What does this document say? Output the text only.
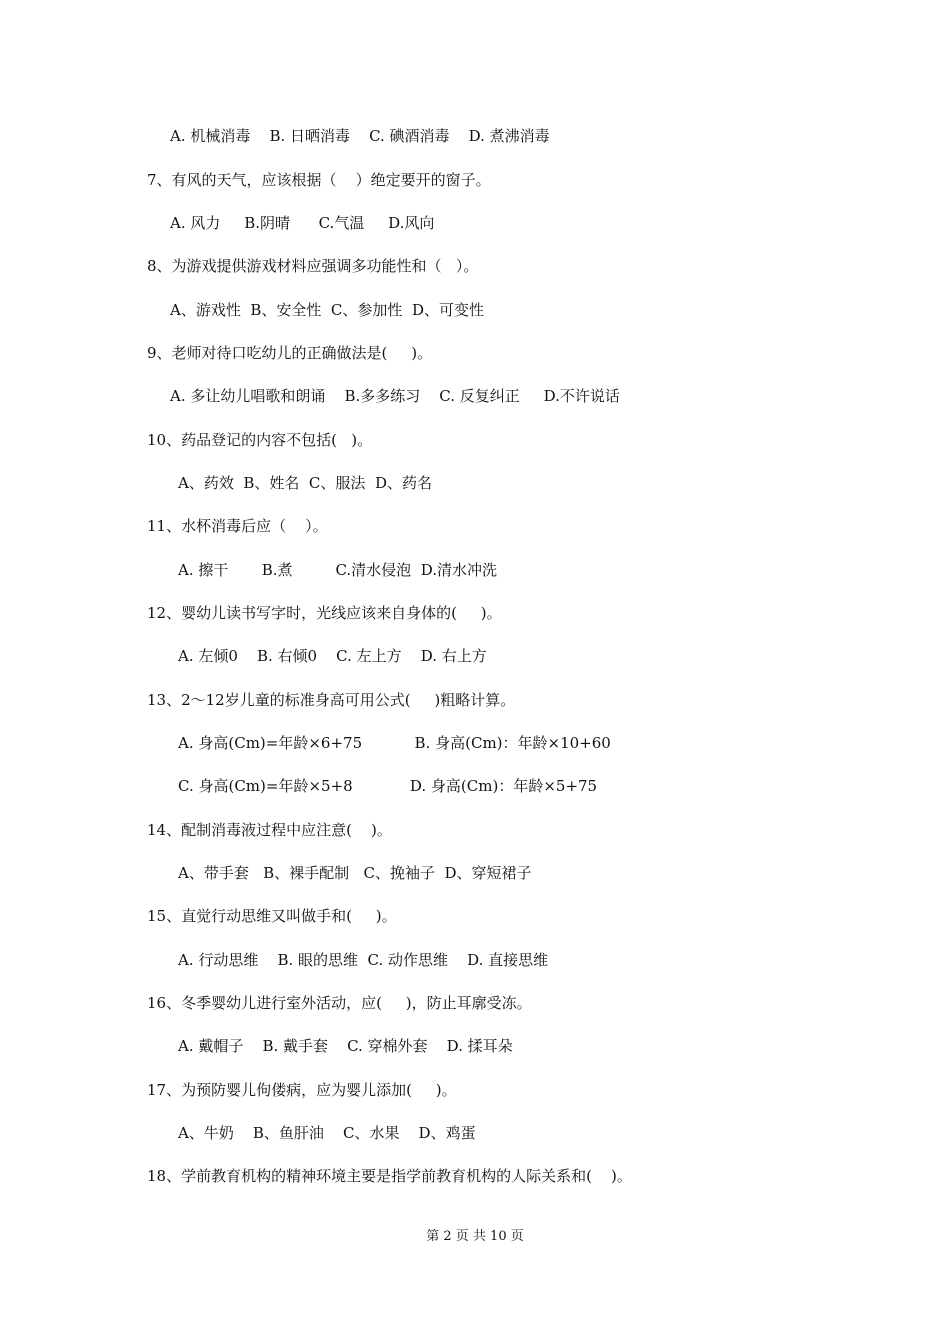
A. 机械消毒    B. 日晒消毒    C. 碘酒消毒    D. 煮沸消毒
7、有风的天气，应该根据（    ）绝定要开的窗子。
A. 风力     B.阴晴      C.气温     D.风向
8、为游戏提供游戏材料应强调多功能性和（   ）。
A、游戏性  B、安全性  C、参加性  D、可变性
9、老师对待口吃幼儿的正确做法是(     )。
A. 多让幼儿唱歌和朗诵    B.多多练习    C. 反复纠正     D.不许说话
10、药品登记的内容不包括(   )。
A、药效  B、姓名  C、服法  D、药名
11、水杯消毒后应（    ）。
A. 擦干       B.煮         C.清水侵泡  D.清水冲洗
12、婴幼儿读书写字时，光线应该来自身体的(     )。
A. 左倾0    B. 右倾0    C. 左上方    D. 右上方
13、2～12岁儿童的标准身高可用公式(     )粗略计算。
A. 身高(Cm)=年龄×6+75           B. 身高(Cm)：年龄×10+60
C. 身高(Cm)=年龄×5+8            D. 身高(Cm)：年龄×5+75
14、配制消毒液过程中应注意(    )。
A、带手套   B、裸手配制   C、挽袖子  D、穿短裙子
15、直觉行动思维又叫做手和(     )。
A. 行动思维    B. 眼的思维  C. 动作思维    D. 直接思维
16、冬季婴幼儿进行室外活动，应(     )，防止耳廓受冻。
A. 戴帽子    B. 戴手套    C. 穿棉外套    D. 揉耳朵
17、为预防婴儿佝偻病，应为婴儿添加(     )。
A、牛奶    B、鱼肝油    C、水果    D、鸡蛋
18、学前教育机构的精神环境主要是指学前教育机构的人际关系和(    )。
第 2 页 共 10 页
